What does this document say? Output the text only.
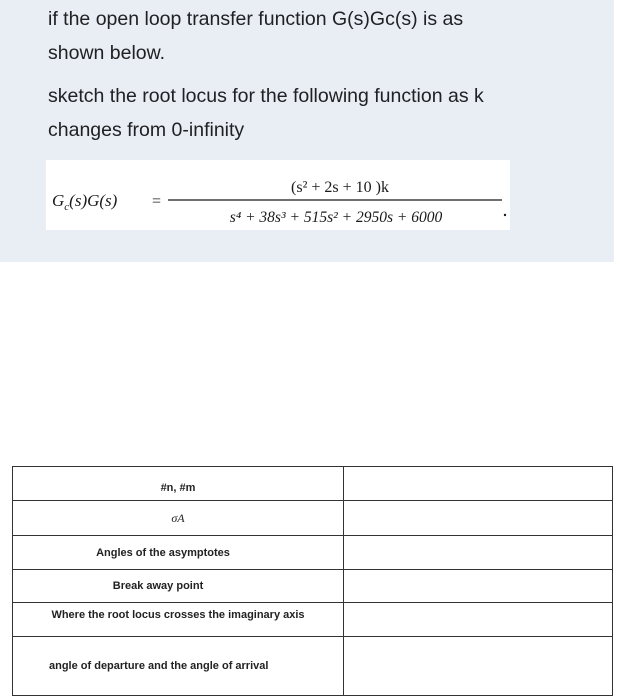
if the open loop transfer function G(s)Gc(s) is as
shown below.
sketch the root locus for the following function as k
changes from 0-infinity
$G_c(s)G(s)$ =
(s² + 2s + 10 )k
s⁴ + 38s³ + 515s² + 2950s + 6000
#n, #m	
σA	
Angles of the asymptotes	
Break away point	
Where the root locus crosses the imaginary axis	
angle of departure and the angle of arrival	
